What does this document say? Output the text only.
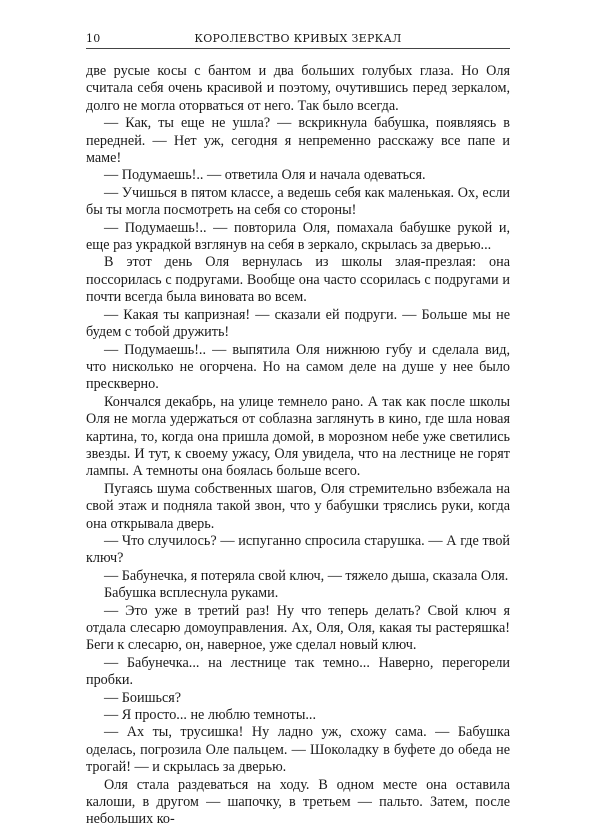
10	КОРОЛЕВСТВО КРИВЫХ ЗЕРКАЛ

две русые косы с бантом и два больших голубых глаза. Но Оля считала себя очень красивой и поэтому, очутившись перед зеркалом, долго не могла оторваться от него. Так было всегда.

— Как, ты еще не ушла? — вскрикнула бабушка, появляясь в передней. — Нет уж, сегодня я непременно расскажу все папе и маме!

— Подумаешь!.. — ответила Оля и начала одеваться.

— Учишься в пятом классе, а ведешь себя как маленькая. Ох, если бы ты могла посмотреть на себя со стороны!

— Подумаешь!.. — повторила Оля, помахала бабушке рукой и, еще раз украдкой взглянув на себя в зеркало, скрылась за дверью...

В этот день Оля вернулась из школы злая-презлая: она поссорилась с подругами. Вообще она часто ссорилась с подругами и почти всегда была виновата во всем.

— Какая ты капризная! — сказали ей подруги. — Больше мы не будем с тобой дружить!

— Подумаешь!.. — выпятила Оля нижнюю губу и сделала вид, что нисколько не огорчена. Но на самом деле на душе у нее было прескверно.

Кончался декабрь, на улице темнело рано. А так как после школы Оля не могла удержаться от соблазна заглянуть в кино, где шла новая картина, то, когда она пришла домой, в морозном небе уже светились звезды. И тут, к своему ужасу, Оля увидела, что на лестнице не горят лампы. А темноты она боялась больше всего.

Пугаясь шума собственных шагов, Оля стремительно взбежала на свой этаж и подняла такой звон, что у бабушки тряслись руки, когда она открывала дверь.

— Что случилось? — испуганно спросила старушка. — А где твой ключ?

— Бабунечка, я потеряла свой ключ, — тяжело дыша, сказала Оля.

Бабушка всплеснула руками.

— Это уже в третий раз! Ну что теперь делать? Свой ключ я отдала слесарю домоуправления. Ах, Оля, Оля, какая ты растеряшка! Беги к слесарю, он, наверное, уже сделал новый ключ.

— Бабунечка... на лестнице так темно... Наверно, перегорели пробки.

— Боишься?

— Я просто... не люблю темноты...

— Ах ты, трусишка! Ну ладно уж, схожу сама. — Бабушка оделась, погрозила Оле пальцем. — Шоколадку в буфете до обеда не трогай! — и скрылась за дверью.

Оля стала раздеваться на ходу. В одном месте она оставила калоши, в другом — шапочку, в третьем — пальто. Затем, после небольших ко-
